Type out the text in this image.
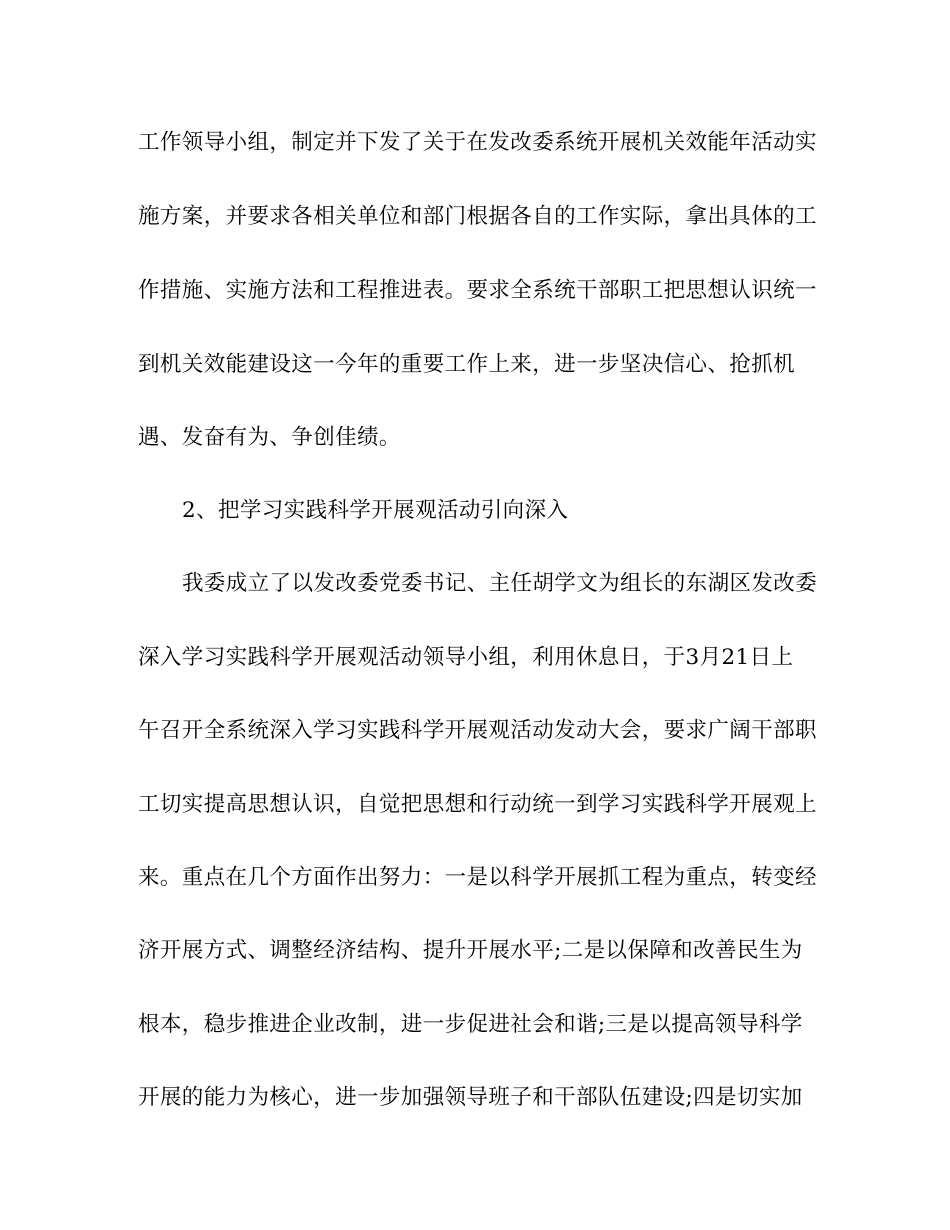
工作领导小组，制定并下发了关于在发改委系统开展机关效能年活动实
施方案，并要求各相关单位和部门根据各自的工作实际，拿出具体的工
作措施、实施方法和工程推进表。要求全系统干部职工把思想认识统一
到机关效能建设这一今年的重要工作上来，进一步坚决信心、抢抓机
遇、发奋有为、争创佳绩。
2、把学习实践科学开展观活动引向深入
我委成立了以发改委党委书记、主任胡学文为组长的东湖区发改委
深入学习实践科学开展观活动领导小组，利用休息日，于3月21日上
午召开全系统深入学习实践科学开展观活动发动大会，要求广阔干部职
工切实提高思想认识，自觉把思想和行动统一到学习实践科学开展观上
来。重点在几个方面作出努力：一是以科学开展抓工程为重点，转变经
济开展方式、调整经济结构、提升开展水平;二是以保障和改善民生为
根本，稳步推进企业改制，进一步促进社会和谐;三是以提高领导科学
开展的能力为核心，进一步加强领导班子和干部队伍建设;四是切实加
